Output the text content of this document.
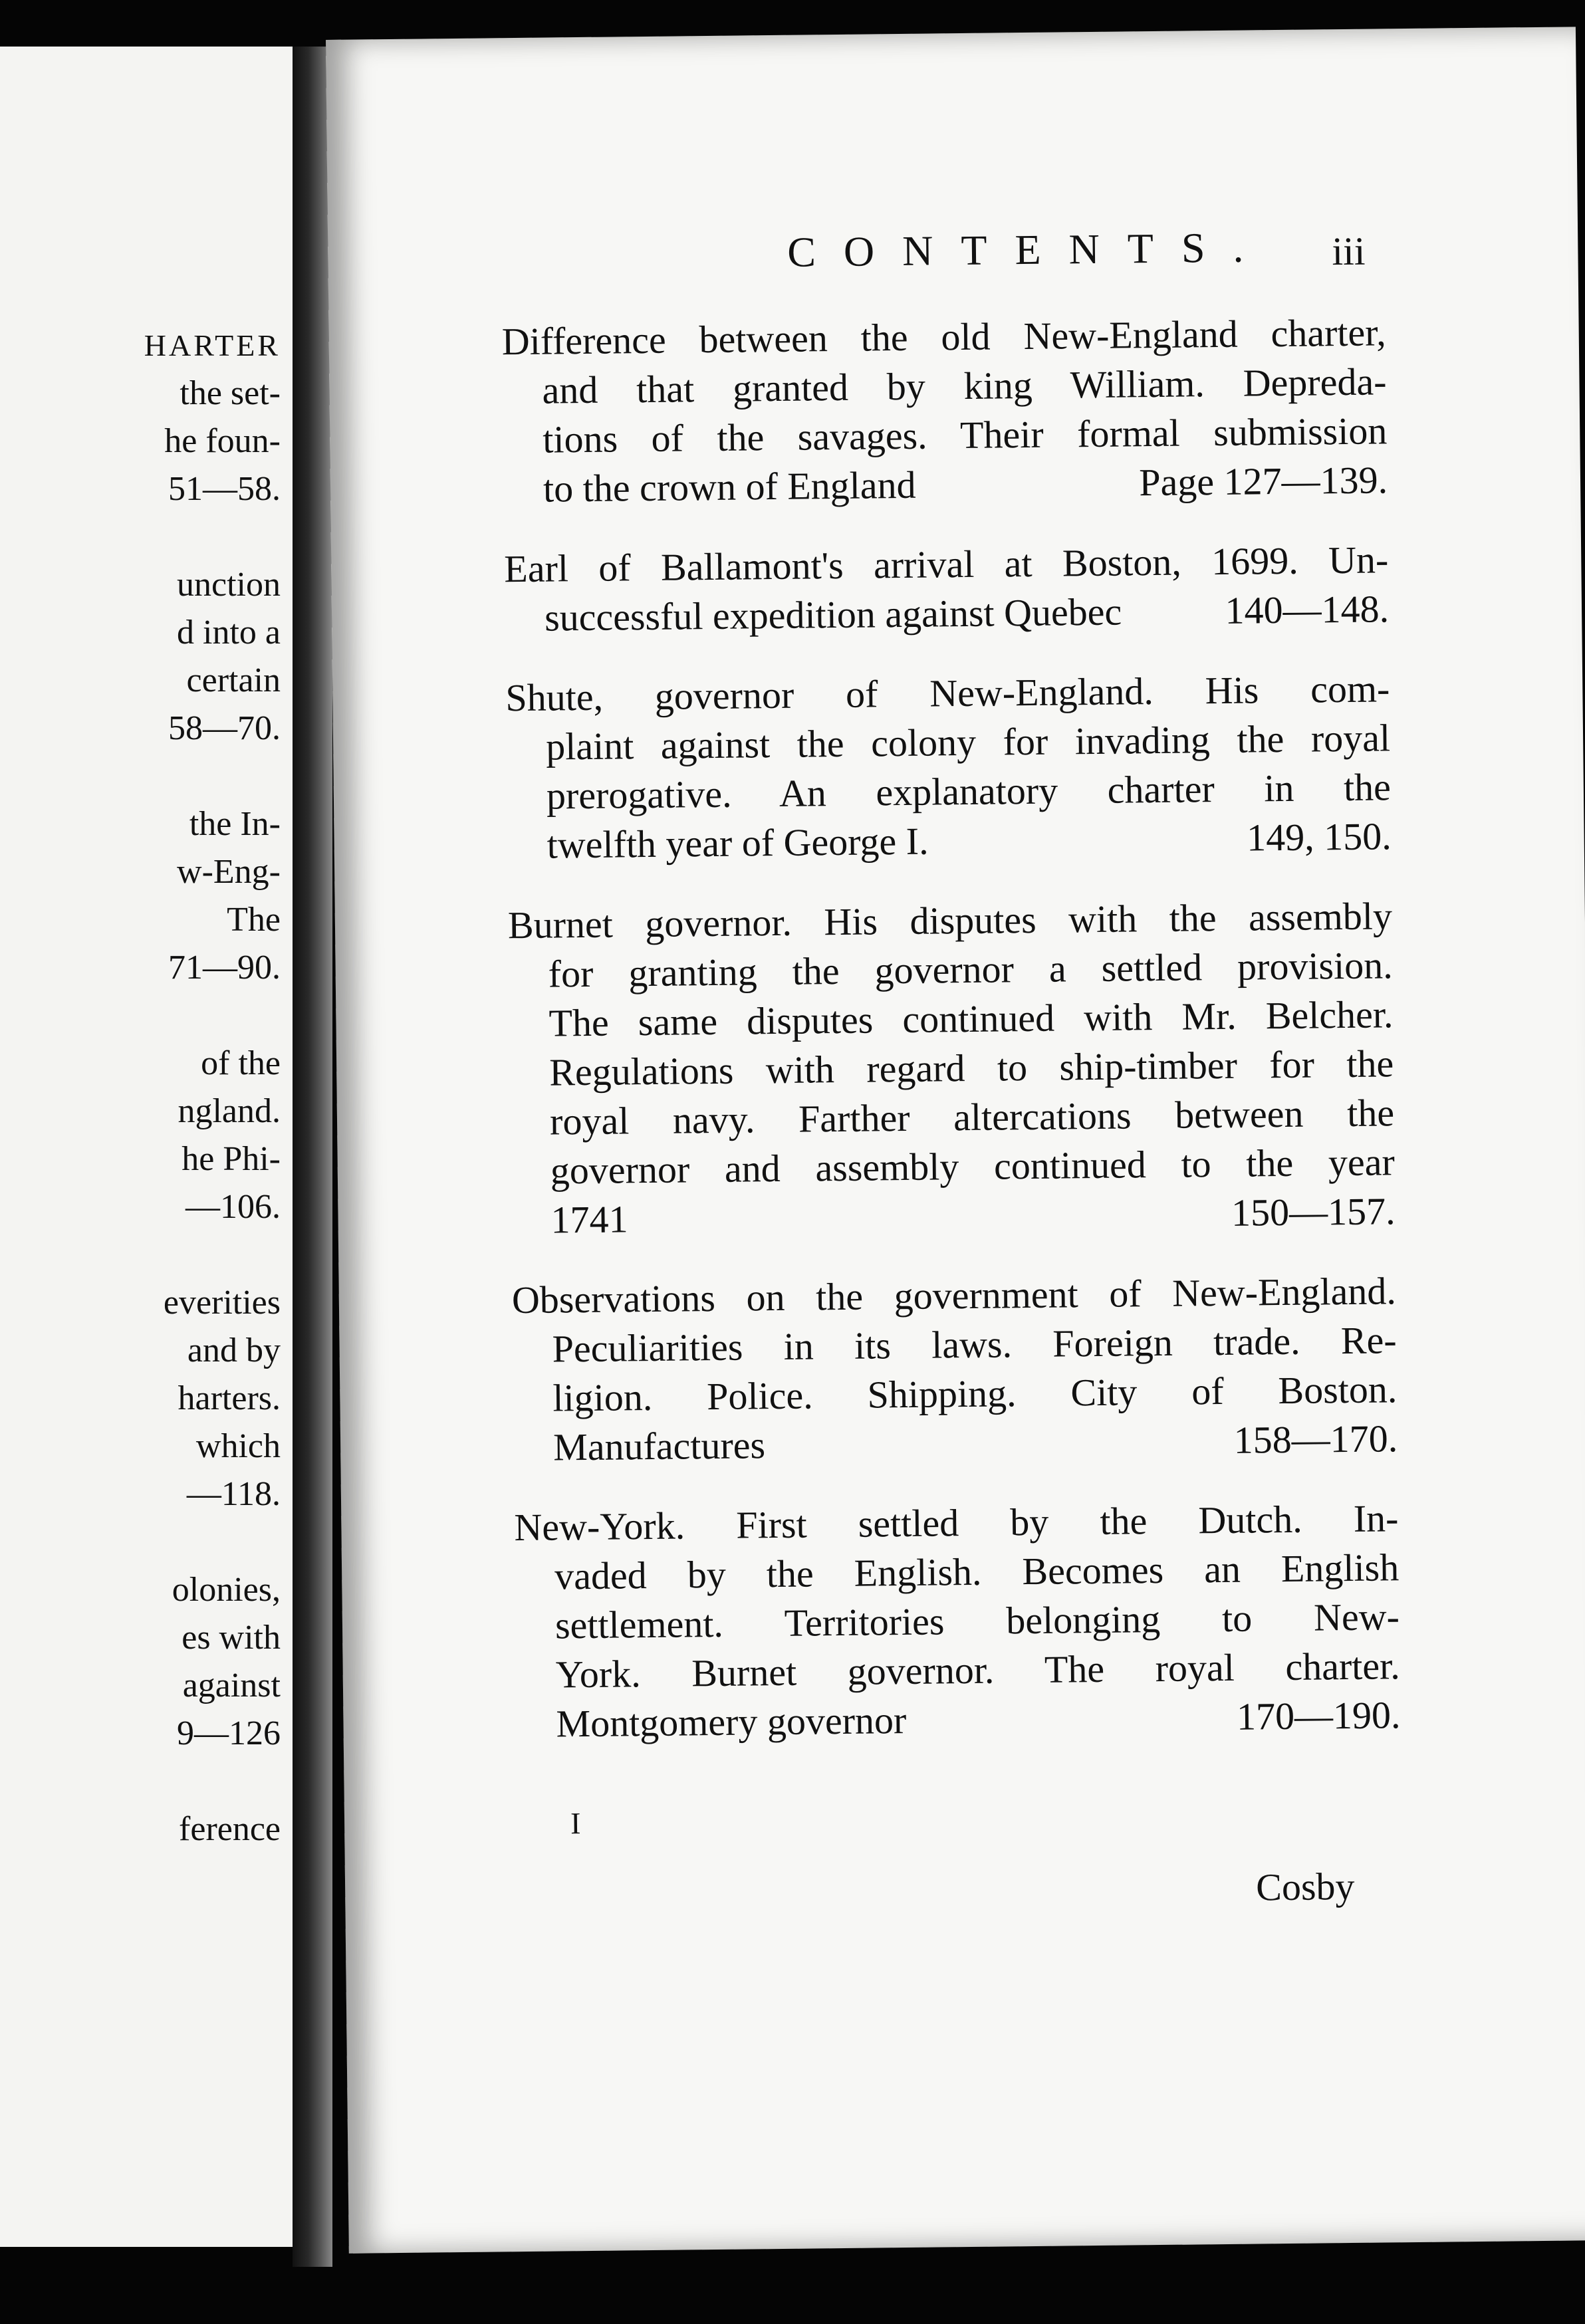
HARTER
the set-
he foun-
51—58.
unction
d into a
certain
58—70.
the In-
w-Eng-
The
71—90.
of the
ngland.
he Phi-
—106.
everities
and by
harters.
which
—118.
olonies,
es with
against
9—126
ference
CONTENTS.	iii
Difference between the old New-England charter,
and that granted by king William. Depreda-
tions of the savages. Their formal submission
to the crown of England	Page 127—139.
Earl of Ballamont's arrival at Boston, 1699. Un-
successful expedition against Quebec	140—148.
Shute, governor of New-England. His com-
plaint against the colony for invading the royal
prerogative. An explanatory charter in the
twelfth year of George I.	149, 150.
Burnet governor. His disputes with the assembly
for granting the governor a settled provision.
The same disputes continued with Mr. Belcher.
Regulations with regard to ship-timber for the
royal navy. Farther altercations between the
governor and assembly continued to the year
1741	150—157.
Observations on the government of New-England.
Peculiarities in its laws. Foreign trade. Re-
ligion. Police. Shipping. City of Boston.
Manufactures	158—170.
New-York. First settled by the Dutch. In-
vaded by the English. Becomes an English
settlement. Territories belonging to New-
York. Burnet governor. The royal charter.
Montgomery governor	170—190.
I
Cosby
